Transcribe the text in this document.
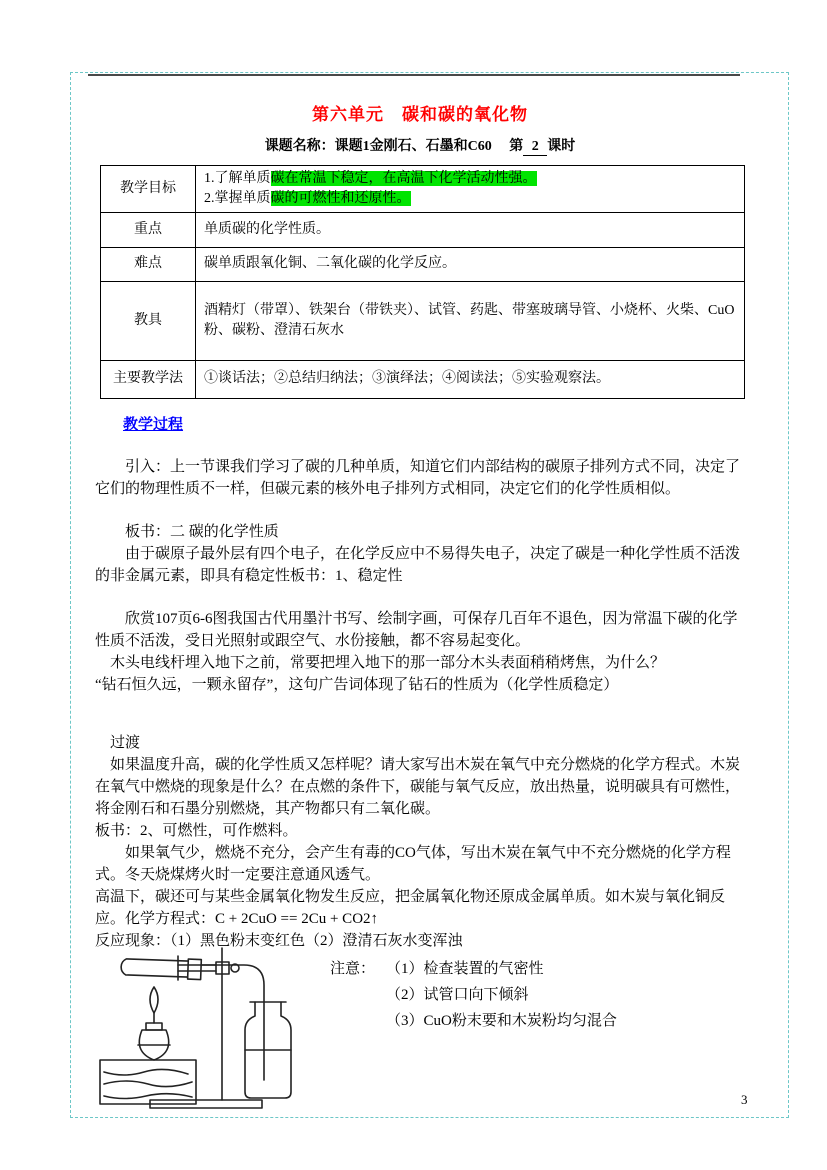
第六单元　碳和碳的氧化物
课题名称：课题1金刚石、石墨和C60　 第 2 课时
教学目标	1.了解单质碳在常温下稳定，在高温下化学活动性强。
2.掌握单质碳的可燃性和还原性。

重点	单质碳的化学性质。
难点	碳单质跟氧化铜、二氧化碳的化学反应。
教具	酒精灯（带罩）、铁架台（带铁夹）、试管、药匙、带塞玻璃导管、小烧杯、火柴、CuO粉、碳粉、澄清石灰水
主要教学法	①谈话法；②总结归纳法；③演绎法；④阅读法；⑤实验观察法。
教学过程

引入：上一节课我们学习了碳的几种单质，知道它们内部结构的碳原子排列方式不同，决定了它们的物理性质不一样，但碳元素的核外电子排列方式相同，决定它们的化学性质相似。

板书：二 碳的化学性质

由于碳原子最外层有四个电子，在化学反应中不易得失电子，决定了碳是一种化学性质不活泼的非金属元素，即具有稳定性板书：1、稳定性

欣赏107页6-6图我国古代用墨汁书写、绘制字画，可保存几百年不退色，因为常温下碳的化学性质不活泼，受日光照射或跟空气、水份接触，都不容易起变化。

木头电线杆埋入地下之前，常要把埋入地下的那一部分木头表面稍稍烤焦，为什么？

“钻石恒久远，一颗永留存”，这句广告词体现了钻石的性质为（化学性质稳定）

过渡

如果温度升高，碳的化学性质又怎样呢？请大家写出木炭在氧气中充分燃烧的化学方程式。木炭在氧气中燃烧的现象是什么？在点燃的条件下，碳能与氧气反应，放出热量，说明碳具有可燃性，将金刚石和石墨分别燃烧，其产物都只有二氧化碳。

板书：2、可燃性，可作燃料。

如果氧气少，燃烧不充分，会产生有毒的CO气体，写出木炭在氧气中不充分燃烧的化学方程式。冬天烧煤烤火时一定要注意通风透气。

高温下，碳还可与某些金属氧化物发生反应，把金属氧化物还原成金属单质。如木炭与氧化铜反应。化学方程式：C + 2CuO == 2Cu + CO2↑

反应现象：（1）黑色粉末变红色（2）澄清石灰水变浑浊

注意： （1）检查装置的气密性
（2）试管口向下倾斜
（3）CuO粉末要和木炭粉均匀混合
3
